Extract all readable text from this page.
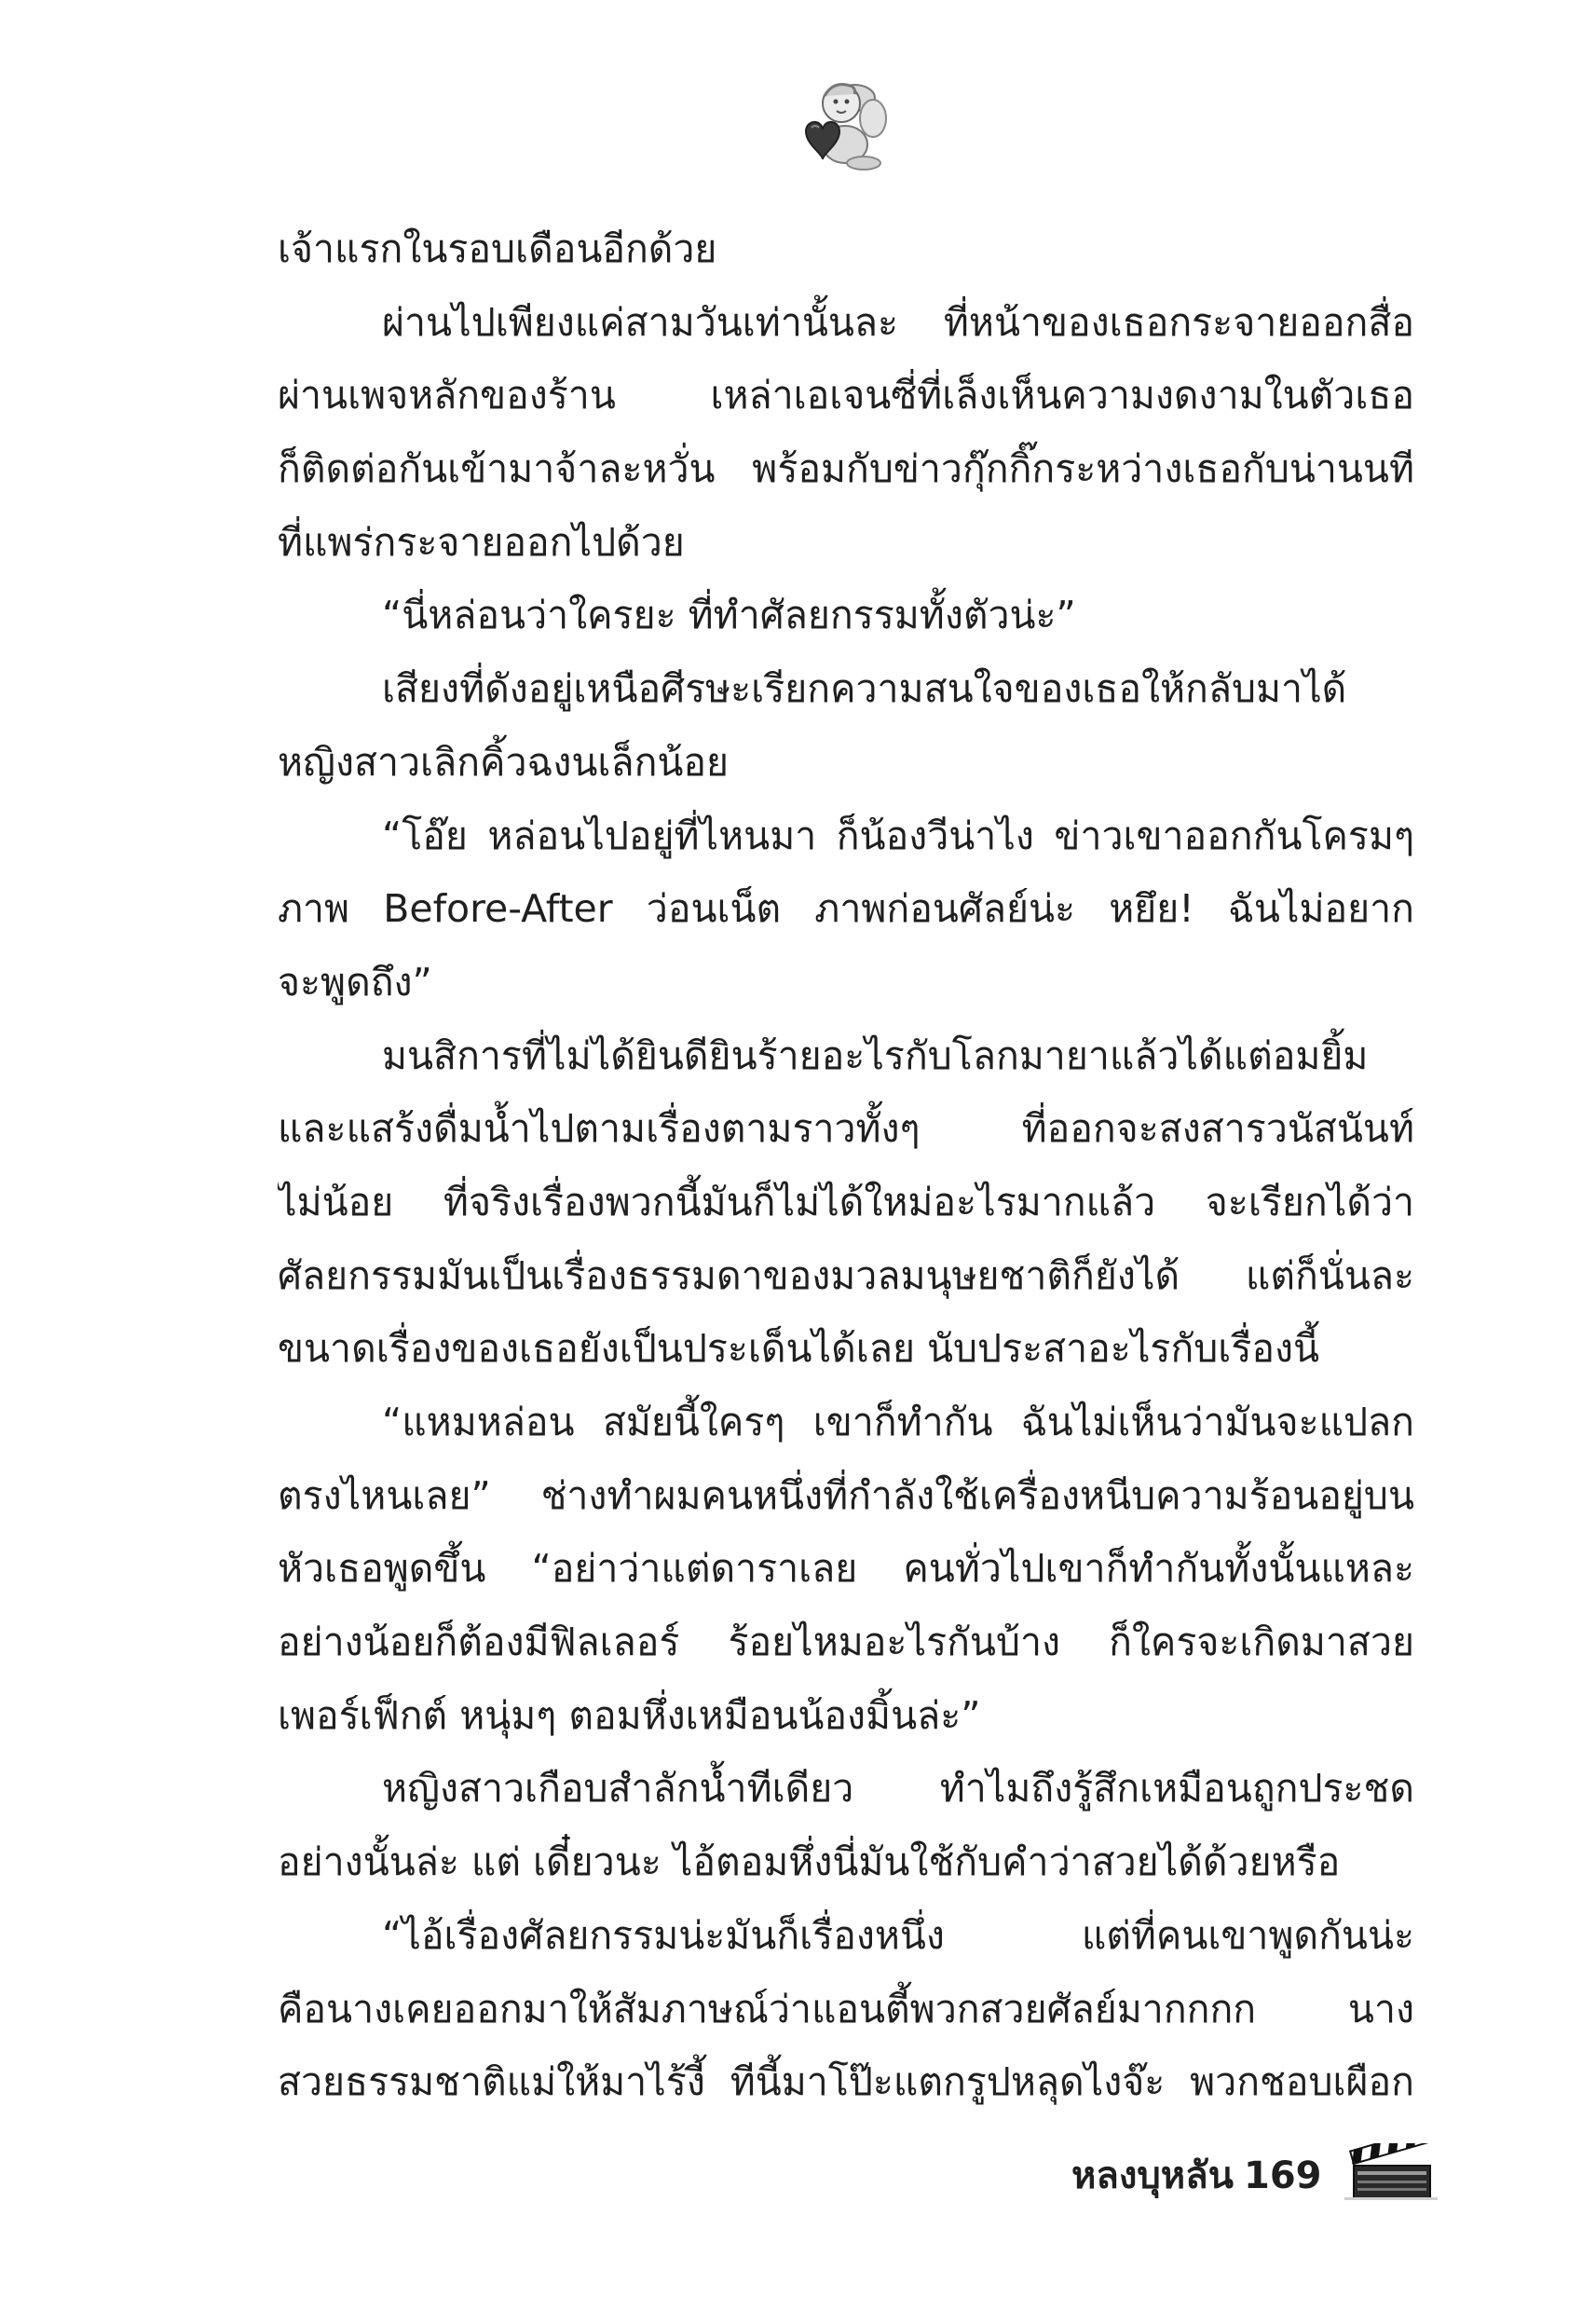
เจ้าแรกในรอบเดือนอีกด้วย
ผ่านไปเพียงแค่สามวันเท่านั้นละ ที่หน้าของเธอกระจายออกสื่อ
ผ่านเพจหลักของร้าน เหล่าเอเจนซี่ที่เล็งเห็นความงดงามในตัวเธอ
ก็ติดต่อกันเข้ามาจ้าละหวั่น พร้อมกับข่าวกุ๊กกิ๊กระหว่างเธอกับน่านนที
ที่แพร่กระจายออกไปด้วย
“นี่หล่อนว่าใครยะ ที่ทำศัลยกรรมทั้งตัวน่ะ”
เสียงที่ดังอยู่เหนือศีรษะเรียกความสนใจของเธอให้กลับมาได้
หญิงสาวเลิกคิ้วฉงนเล็กน้อย
“โอ๊ย หล่อนไปอยู่ที่ไหนมา ก็น้องวีน่าไง ข่าวเขาออกกันโครมๆ
ภาพ Before-After ว่อนเน็ต ภาพก่อนศัลย์น่ะ หยึย! ฉันไม่อยาก
จะพูดถึง”
มนสิการที่ไม่ได้ยินดียินร้ายอะไรกับโลกมายาแล้วได้แต่อมยิ้ม
และแสร้งดื่มน้ำไปตามเรื่องตามราวทั้งๆ ที่ออกจะสงสารวนัสนันท์
ไม่น้อย ที่จริงเรื่องพวกนี้มันก็ไม่ได้ใหม่อะไรมากแล้ว จะเรียกได้ว่า
ศัลยกรรมมันเป็นเรื่องธรรมดาของมวลมนุษยชาติก็ยังได้ แต่ก็นั่นละ
ขนาดเรื่องของเธอยังเป็นประเด็นได้เลย นับประสาอะไรกับเรื่องนี้
“แหมหล่อน สมัยนี้ใครๆ เขาก็ทำกัน ฉันไม่เห็นว่ามันจะแปลก
ตรงไหนเลย” ช่างทำผมคนหนึ่งที่กำลังใช้เครื่องหนีบความร้อนอยู่บน
หัวเธอพูดขึ้น “อย่าว่าแต่ดาราเลย คนทั่วไปเขาก็ทำกันทั้งนั้นแหละ
อย่างน้อยก็ต้องมีฟิลเลอร์ ร้อยไหมอะไรกันบ้าง ก็ใครจะเกิดมาสวย
เพอร์เฟ็กต์ หนุ่มๆ ตอมหึ่งเหมือนน้องมิ้นล่ะ”
หญิงสาวเกือบสำลักน้ำทีเดียว ทำไมถึงรู้สึกเหมือนถูกประชด
อย่างนั้นล่ะ แต่ เดี๋ยวนะ ไอ้ตอมหึ่งนี่มันใช้กับคำว่าสวยได้ด้วยหรือ
“ไอ้เรื่องศัลยกรรมน่ะมันก็เรื่องหนึ่ง แต่ที่คนเขาพูดกันน่ะ
คือนางเคยออกมาให้สัมภาษณ์ว่าแอนตี้พวกสวยศัลย์มากกกก นาง
สวยธรรมชาติแม่ให้มาไร้งี้ ทีนี้มาโป๊ะแตกรูปหลุดไงจ๊ะ พวกชอบเผือก
หลงบุหลัน 169
